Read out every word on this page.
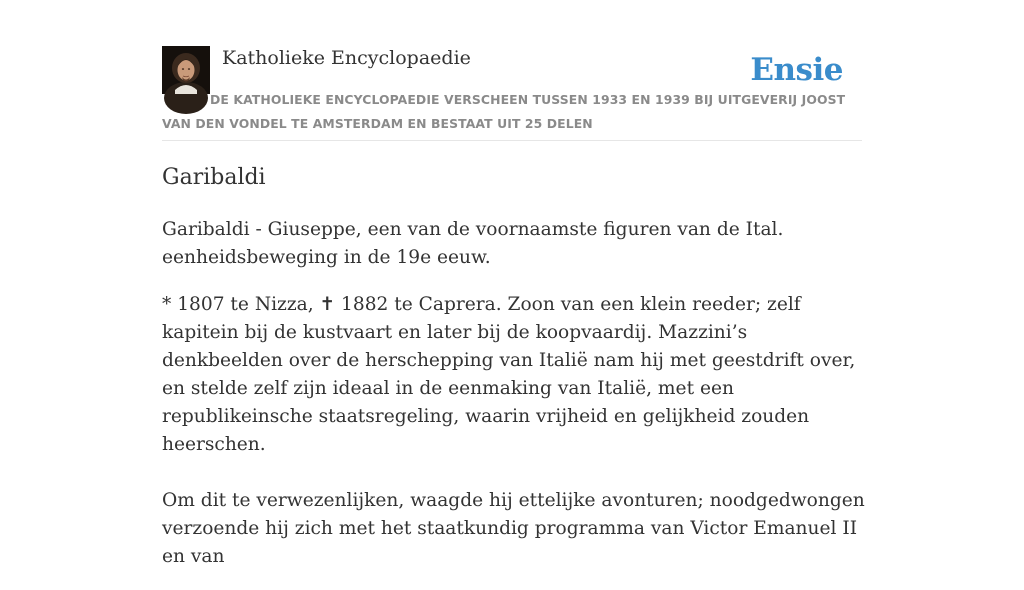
Katholieke Encyclopaedie	Ensie

DE KATHOLIEKE ENCYCLOPAEDIE VERSCHEEN TUSSEN 1933 EN 1939 BIJ UITGEVERIJ JOOST VAN DEN VONDEL TE AMSTERDAM EN BESTAAT UIT 25 DELEN

Garibaldi

Garibaldi - Giuseppe, een van de voornaamste figuren van de Ital. eenheidsbeweging in de 19e eeuw.

* 1807 te Nizza, ✝ 1882 te Caprera. Zoon van een klein reeder; zelf kapitein bij de kustvaart en later bij de koopvaardij. Mazzini’s denkbeelden over de herschepping van Italië nam hij met geestdrift over, en stelde zelf zijn ideaal in de eenmaking van Italië, met een republikeinsche staatsregeling, waarin vrijheid en gelijkheid zouden heerschen.

Om dit te verwezenlijken, waagde hij ettelijke avonturen; noodgedwongen verzoende hij zich met het staatkundig programma van Victor Emanuel II en van
